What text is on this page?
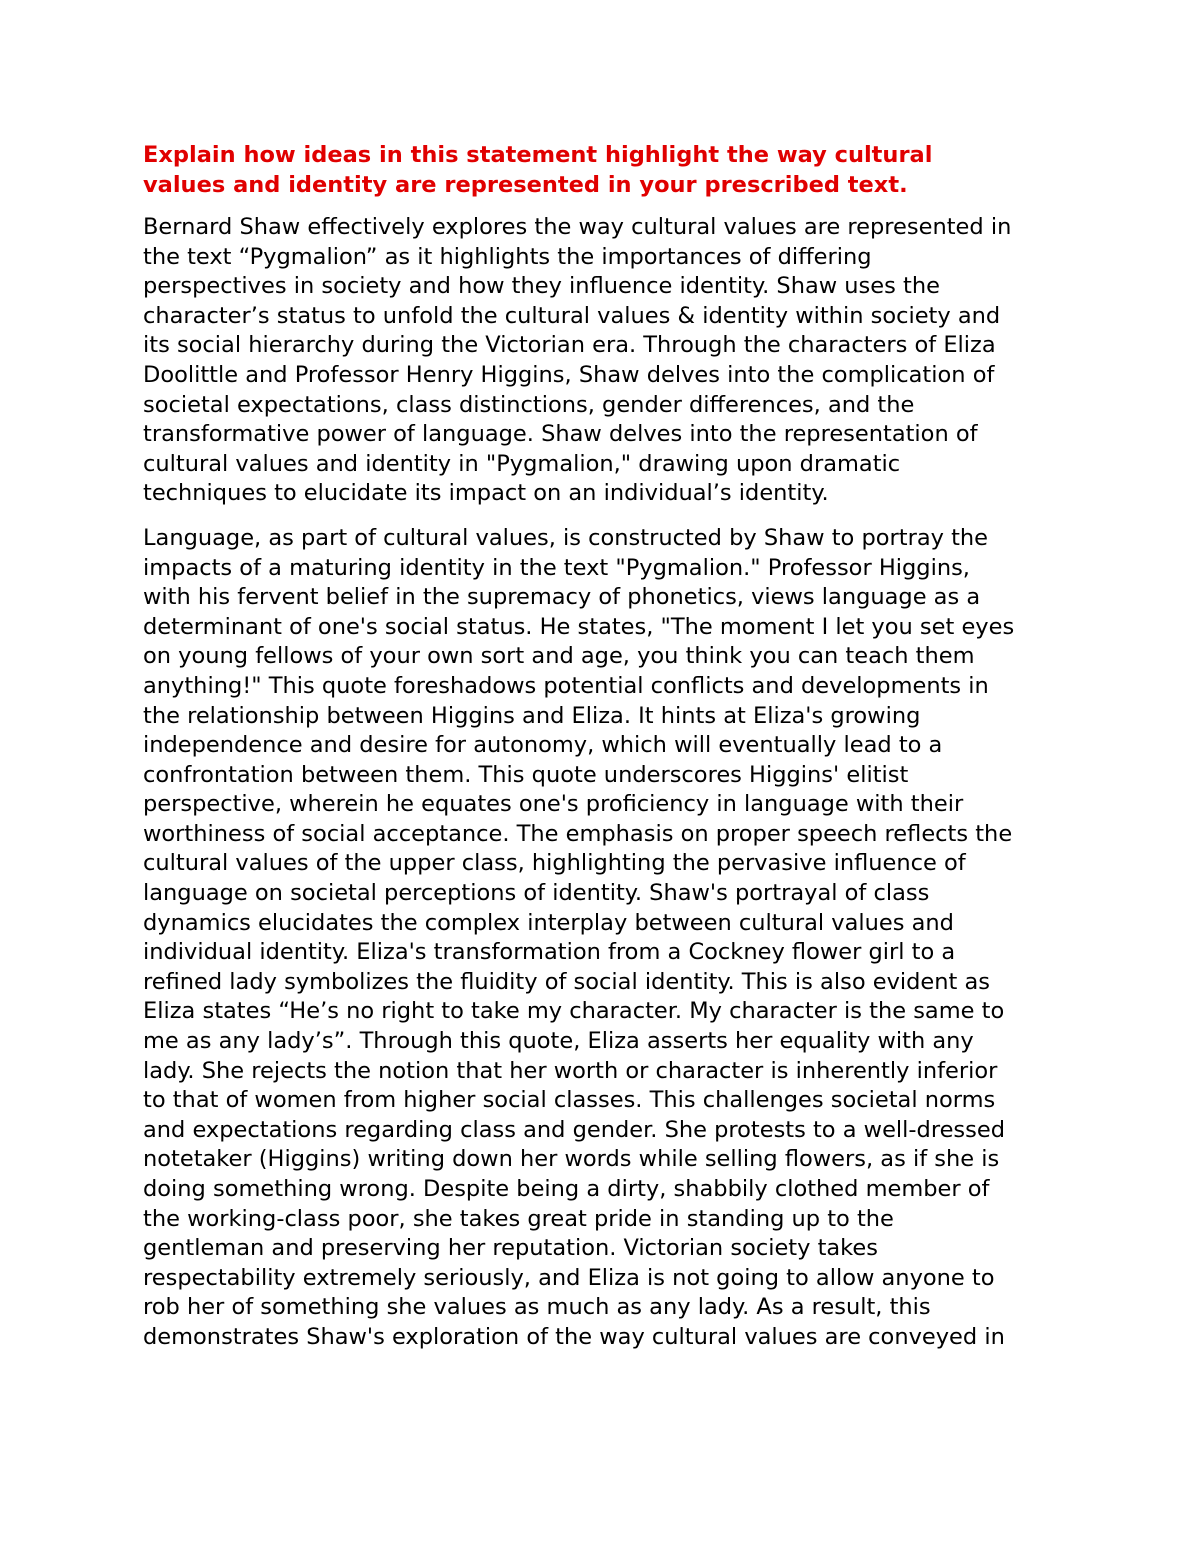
Explain how ideas in this statement highlight the way cultural
values and identity are represented in your prescribed text.
Bernard Shaw effectively explores the way cultural values are represented in
the text “Pygmalion” as it highlights the importances of differing
perspectives in society and how they influence identity. Shaw uses the
character’s status to unfold the cultural values & identity within society and
its social hierarchy during the Victorian era. Through the characters of Eliza
Doolittle and Professor Henry Higgins, Shaw delves into the complication of
societal expectations, class distinctions, gender differences, and the
transformative power of language. Shaw delves into the representation of
cultural values and identity in "Pygmalion," drawing upon dramatic
techniques to elucidate its impact on an individual’s identity.
Language, as part of cultural values, is constructed by Shaw to portray the
impacts of a maturing identity in the text "Pygmalion." Professor Higgins,
with his fervent belief in the supremacy of phonetics, views language as a
determinant of one's social status. He states, "The moment I let you set eyes
on young fellows of your own sort and age, you think you can teach them
anything!" This quote foreshadows potential conflicts and developments in
the relationship between Higgins and Eliza. It hints at Eliza's growing
independence and desire for autonomy, which will eventually lead to a
confrontation between them. This quote underscores Higgins' elitist
perspective, wherein he equates one's proficiency in language with their
worthiness of social acceptance. The emphasis on proper speech reflects the
cultural values of the upper class, highlighting the pervasive influence of
language on societal perceptions of identity. Shaw's portrayal of class
dynamics elucidates the complex interplay between cultural values and
individual identity. Eliza's transformation from a Cockney flower girl to a
refined lady symbolizes the fluidity of social identity. This is also evident as
Eliza states “He’s no right to take my character. My character is the same to
me as any lady’s”. Through this quote, Eliza asserts her equality with any
lady. She rejects the notion that her worth or character is inherently inferior
to that of women from higher social classes. This challenges societal norms
and expectations regarding class and gender. She protests to a well-dressed
notetaker (Higgins) writing down her words while selling flowers, as if she is
doing something wrong. Despite being a dirty, shabbily clothed member of
the working-class poor, she takes great pride in standing up to the
gentleman and preserving her reputation. Victorian society takes
respectability extremely seriously, and Eliza is not going to allow anyone to
rob her of something she values as much as any lady. As a result, this
demonstrates Shaw's exploration of the way cultural values are conveyed in
